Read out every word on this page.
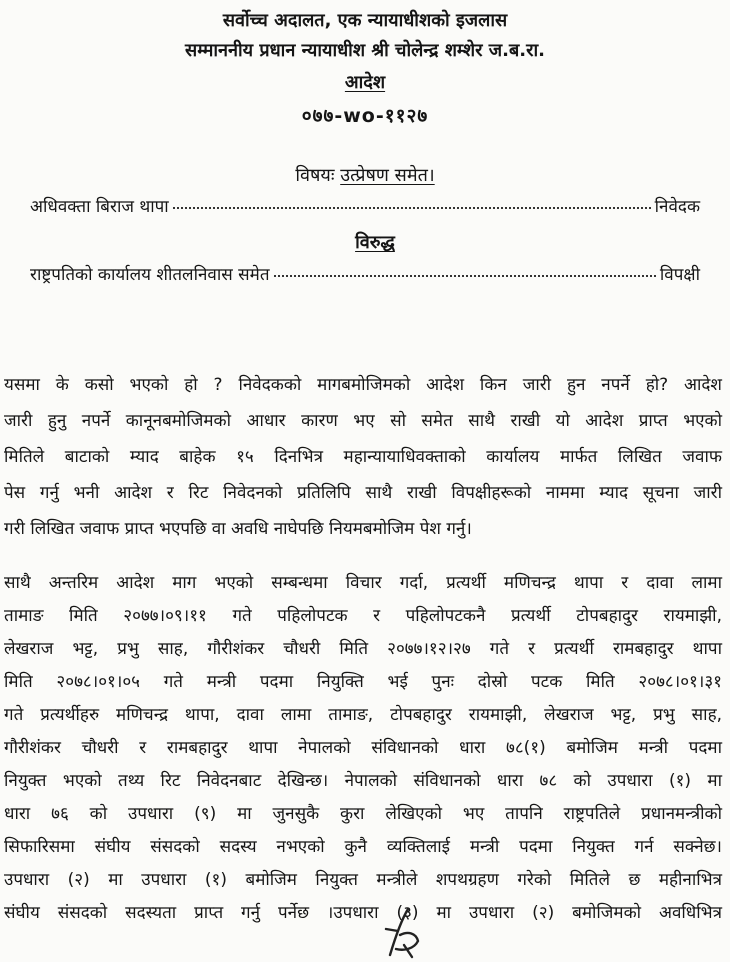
सर्वोच्च अदालत, एक न्यायाधीशको इजलास
सम्माननीय प्रधान न्यायाधीश श्री चोलेन्द्र शम्शेर ज.ब.रा.
आदेश
०७७-wo-११२७
विषयः उत्प्रेषण समेत।
अधिवक्ता बिराज थापा	निवेदक
विरुद्ध
राष्ट्रपतिको कार्यालय शीतलनिवास समेत	विपक्षी
यसमा के कसो भएको हो ? निवेदकको मागबमोजिमको आदेश किन जारी हुन नपर्ने हो? आदेश
जारी हुनु नपर्ने कानूनबमोजिमको आधार कारण भए सो समेत साथै राखी यो आदेश प्राप्त भएको
मितिले बाटाको म्याद बाहेक १५ दिनभित्र महान्यायाधिवक्ताको कार्यालय मार्फत लिखित जवाफ
पेस गर्नु भनी आदेश र रिट निवेदनको प्रतिलिपि साथै राखी विपक्षीहरूको नाममा म्याद सूचना जारी
गरी लिखित जवाफ प्राप्त भएपछि वा अवधि नाघेपछि नियमबमोजिम पेश गर्नु।
साथै अन्तरिम आदेश माग भएको सम्बन्धमा विचार गर्दा, प्रत्यर्थी मणिचन्द्र थापा र दावा लामा
तामाङ मिति २०७७।०९।११ गते पहिलोपटक र पहिलोपटकनै प्रत्यर्थी टोपबहादुर रायमाझी,
लेखराज भट्ट, प्रभु साह, गौरीशंकर चौधरी मिति २०७७।१२।२७ गते र प्रत्यर्थी रामबहादुर थापा
मिति २०७८।०१।०५ गते मन्त्री पदमा नियुक्ति भई पुनः दोस्रो पटक मिति २०७८।०१।३१
गते प्रत्यर्थीहरु मणिचन्द्र थापा, दावा लामा तामाङ, टोपबहादुर रायमाझी, लेखराज भट्ट, प्रभु साह,
गौरीशंकर चौधरी र रामबहादुर थापा नेपालको संविधानको धारा ७८(१) बमोजिम मन्त्री पदमा
नियुक्त भएको तथ्य रिट निवेदनबाट देखिन्छ। नेपालको संविधानको धारा ७८ को उपधारा (१) मा
धारा ७६ को उपधारा (९) मा जुनसुकै कुरा लेखिएको भए तापनि राष्ट्रपतिले प्रधानमन्त्रीको
सिफारिसमा संघीय संसदको सदस्य नभएको कुनै व्यक्तिलाई मन्त्री पदमा नियुक्त गर्न सक्नेछ।
उपधारा (२) मा उपधारा (१) बमोजिम नियुक्त मन्त्रीले शपथग्रहण गरेको मितिले छ महीनाभित्र
संघीय संसदको सदस्यता प्राप्त गर्नु पर्नेछ ।उपधारा (३) मा उपधारा (२) बमोजिमको अवधिभित्र
